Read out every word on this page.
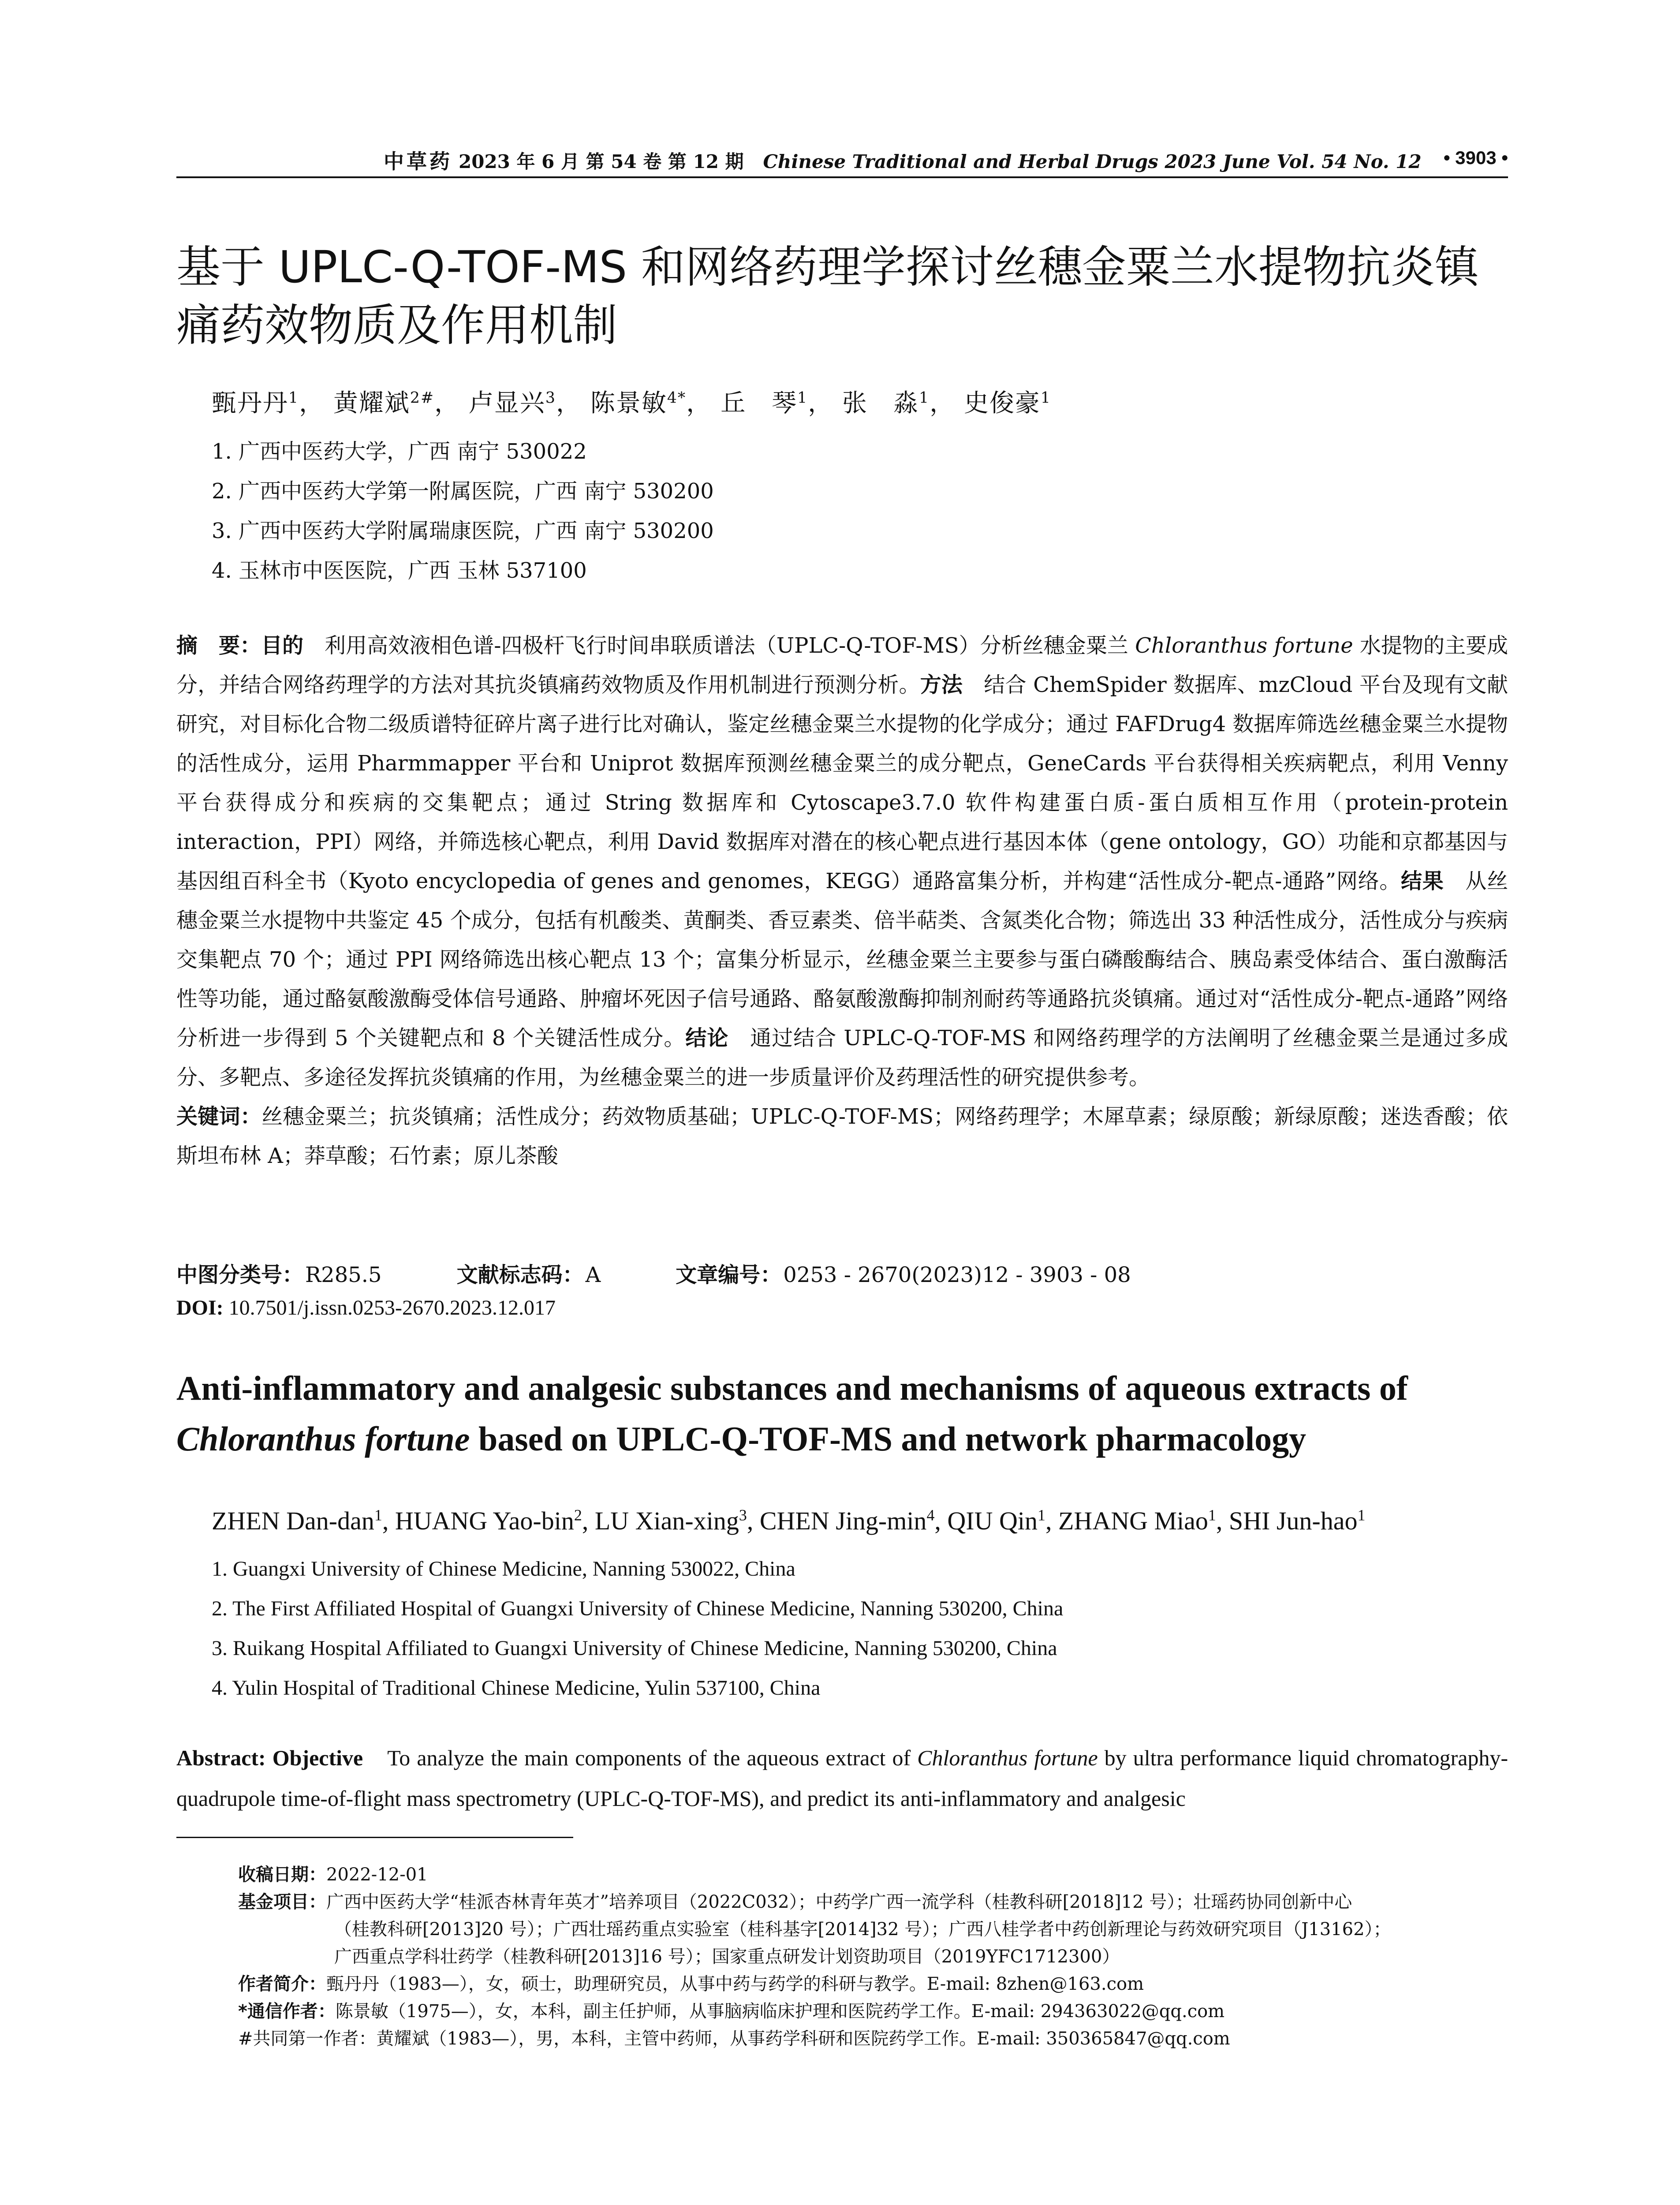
中草药 2023 年 6 月 第 54 卷 第 12 期 Chinese Traditional and Herbal Drugs 2023 June Vol. 54 No. 12 • 3903 •
基于 UPLC-Q-TOF-MS 和网络药理学探讨丝穗金粟兰水提物抗炎镇痛药效物质及作用机制
甄丹丹$^1$， 黄耀斌$^{2\#}$， 卢显兴$^3$， 陈景敏$^{4*}$， 丘　琴$^1$， 张　淼$^1$， 史俊豪$^1$
1. 广西中医药大学，广西 南宁 530022
2. 广西中医药大学第一附属医院，广西 南宁 530200
3. 广西中医药大学附属瑞康医院，广西 南宁 530200
4. 玉林市中医医院，广西 玉林 537100
摘　要：目的　利用高效液相色谱-四极杆飞行时间串联质谱法（UPLC-Q-TOF-MS）分析丝穗金粟兰 Chloranthus fortune 水提物的主要成分，并结合网络药理学的方法对其抗炎镇痛药效物质及作用机制进行预测分析。方法　结合 ChemSpider 数据库、mzCloud 平台及现有文献研究，对目标化合物二级质谱特征碎片离子进行比对确认，鉴定丝穗金粟兰水提物的化学成分；通过 FAFDrug4 数据库筛选丝穗金粟兰水提物的活性成分，运用 Pharmmapper 平台和 Uniprot 数据库预测丝穗金粟兰的成分靶点，GeneCards 平台获得相关疾病靶点，利用 Venny 平台获得成分和疾病的交集靶点；通过 String 数据库和 Cytoscape3.7.0 软件构建蛋白质-蛋白质相互作用（protein-protein interaction，PPI）网络，并筛选核心靶点，利用 David 数据库对潜在的核心靶点进行基因本体（gene ontology，GO）功能和京都基因与基因组百科全书（Kyoto encyclopedia of genes and genomes，KEGG）通路富集分析，并构建“活性成分-靶点-通路”网络。结果　从丝穗金粟兰水提物中共鉴定 45 个成分，包括有机酸类、黄酮类、香豆素类、倍半萜类、含氮类化合物；筛选出 33 种活性成分，活性成分与疾病交集靶点 70 个；通过 PPI 网络筛选出核心靶点 13 个；富集分析显示，丝穗金粟兰主要参与蛋白磷酸酶结合、胰岛素受体结合、蛋白激酶活性等功能，通过酪氨酸激酶受体信号通路、肿瘤坏死因子信号通路、酪氨酸激酶抑制剂耐药等通路抗炎镇痛。通过对“活性成分-靶点-通路”网络分析进一步得到 5 个关键靶点和 8 个关键活性成分。结论　通过结合 UPLC-Q-TOF-MS 和网络药理学的方法阐明了丝穗金粟兰是通过多成分、多靶点、多途径发挥抗炎镇痛的作用，为丝穗金粟兰的进一步质量评价及药理活性的研究提供参考。
关键词：丝穗金粟兰；抗炎镇痛；活性成分；药效物质基础；UPLC-Q-TOF-MS；网络药理学；木犀草素；绿原酸；新绿原酸；迷迭香酸；依斯坦布林 A；莽草酸；石竹素；原儿茶酸
中图分类号：R285.5	文献标志码：A	文章编号：0253 - 2670(2023)12 - 3903 - 08
DOI: 10.7501/j.issn.0253-2670.2023.12.017
Anti-inflammatory and analgesic substances and mechanisms of aqueous extracts of Chloranthus fortune based on UPLC-Q-TOF-MS and network pharmacology
ZHEN Dan-dan$^1$, HUANG Yao-bin$^2$, LU Xian-xing$^3$, CHEN Jing-$\min^4$, QIU Qin$^1$, ZHANG Miao$^1$, SHI Jun-hao$^1$
1. Guangxi University of Chinese Medicine, Nanning 530022, China
2. The First Affiliated Hospital of Guangxi University of Chinese Medicine, Nanning 530200, China
3. Ruikang Hospital Affiliated to Guangxi University of Chinese Medicine, Nanning 530200, China
4. Yulin Hospital of Traditional Chinese Medicine, Yulin 537100, China
Abstract: Objective　To analyze the main components of the aqueous extract of Chloranthus fortune by ultra performance liquid chromatography-quadrupole time-of-flight mass spectrometry (UPLC-Q-TOF-MS), and predict its anti-inflammatory and analgesic
收稿日期：2022-12-01
基金项目：广西中医药大学“桂派杏林青年英才”培养项目（2022C032）；中药学广西一流学科（桂教科研[2018]12 号）；壮瑶药协同创新中心
（桂教科研[2013]20 号）；广西壮瑶药重点实验室（桂科基字[2014]32 号）；广西八桂学者中药创新理论与药效研究项目（J13162）；
广西重点学科壮药学（桂教科研[2013]16 号）；国家重点研发计划资助项目（2019YFC1712300）
作者简介：甄丹丹（1983—），女，硕士，助理研究员，从事中药与药学的科研与教学。E-mail: 8zhen@163.com
*通信作者：陈景敏（1975—），女，本科，副主任护师，从事脑病临床护理和医院药学工作。E-mail: 294363022@qq.com
#共同第一作者：黄耀斌（1983—），男，本科，主管中药师，从事药学科研和医院药学工作。E-mail: 350365847@qq.com
